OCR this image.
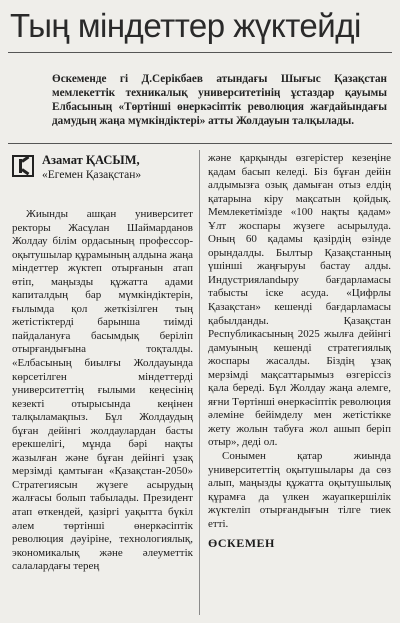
Тың міндеттер жүктейді

Өскеменде гі Д.Серікбаев атындағы Шығыс Қазақстан мемлекеттік техникалық университетінің ұстаздар қауымы Елбасының «Төртінші өнеркәсіптік революция жағдайындағы дамудың жаңа мүмкіндіктері» атты Жолдауын талқылады.

Азамат ҚАСЫМ,
«Егемен Қазақстан»

Жиынды ашқан университет ректоры Жасұлан Шаймарданов Жолдау білім ордасының профессор-оқытушылар құрамының алдына жаңа міндеттер жүктеп отырғанын атап өтіп, маңызды құжатта адами капиталдың бар мүмкіндіктерін, ғылымда қол жеткізілген тың жетістіктерді барынша тиімді пайдалануға басымдық беріліп отырғандығына тоқталды. «Елбасының биылғы Жолдауында көрсетілген міндеттерді университеттің ғылыми кеңесінің кезекті отырысында кеңінен талқыламақпыз. Бұл Жолдаудың бұған дейінгі жолдаулардан басты ерекшелігі, мұнда бәрі нақты жазылған және бұған дейінгі ұзақ мерзімді қамтыған «Қазақстан-2050» Стратегиясын жүзеге асырудың жалғасы болып табылады. Президент атап өткендей, қазіргі уақытта бүкіл әлем төртінші өнеркәсіптік революция дәуіріне, технологиялық, экономикалық және әлеуметтік салалардағы терең

және қарқынды өзгерістер кезеңіне қадам басып келеді. Біз бұған дейін алдымызға озық дамыған отыз елдің қатарына кіру мақсатын қойдық. Мемлекетімізде «100 нақты қадам» Ұлт жоспары жүзеге асырылуда. Оның 60 қадамы қазірдің өзінде орындалды. Былтыр Қазақстанның үшінші жаңғыруы бастау алды. Индустриялandыру бағдарламасы табысты іске асуда. «Цифрлы Қазақстан» кешенді бағдарламасы қабылданды. Қазақстан Республикасының 2025 жылға дейінгі дамуының кешенді стратегиялық жоспары жасалды. Біздің ұзақ мерзімді мақсаттарымыз өзгеріссіз қала береді. Бұл Жолдау жаңа әлемге, яғни Төртінші өнеркәсіптік революция әлеміне бейімделу мен жетістікке жету жолын табуға жол ашып беріп отыр», деді ол.

Сонымен қатар жиында университеттің оқытушылары да сөз алып, маңызды құжатта оқытушылық құрамға да үлкен жауапкершілік жүктеліп отырғандығын тілге тиек етті.

ӨСКЕМЕН
